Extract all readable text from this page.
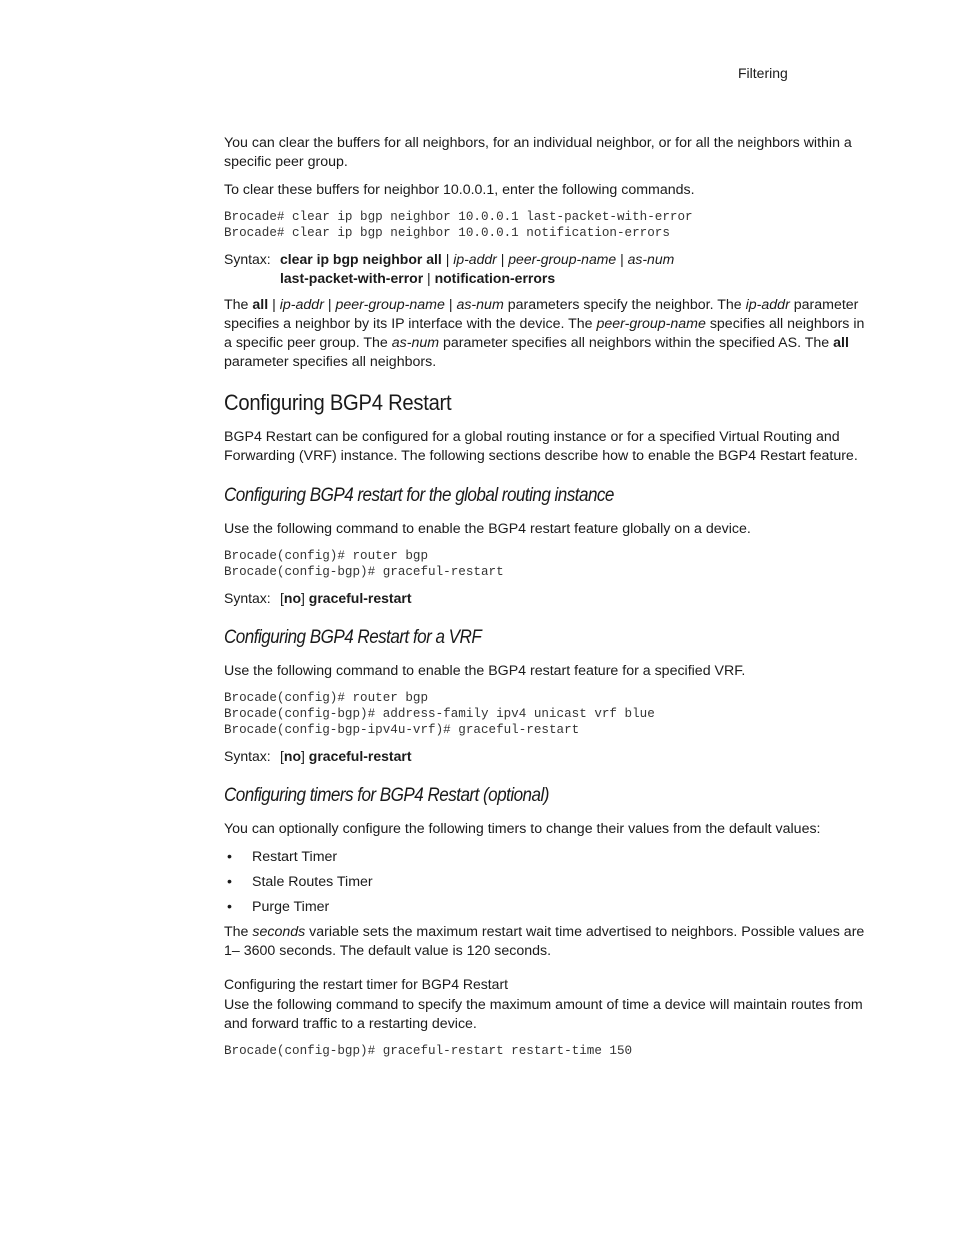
Filtering

You can clear the buffers for all neighbors, for an individual neighbor, or for all the neighbors within a specific peer group.

To clear these buffers for neighbor 10.0.0.1, enter the following commands.

Brocade# clear ip bgp neighbor 10.0.0.1 last-packet-with-error
Brocade# clear ip bgp neighbor 10.0.0.1 notification-errors
Syntax: clear ip bgp neighbor all | ip-addr | peer-group-name | as-num
last-packet-with-error | notification-errors

The all | ip-addr | peer-group-name | as-num parameters specify the neighbor. The ip-addr parameter specifies a neighbor by its IP interface with the device. The peer-group-name specifies all neighbors in a specific peer group. The as-num parameter specifies all neighbors within the specified AS. The all parameter specifies all neighbors.

Configuring BGP4 Restart

BGP4 Restart can be configured for a global routing instance or for a specified Virtual Routing and Forwarding (VRF) instance. The following sections describe how to enable the BGP4 Restart feature.

Configuring BGP4 restart for the global routing instance

Use the following command to enable the BGP4 restart feature globally on a device.

Brocade(config)# router bgp
Brocade(config-bgp)# graceful-restart
Syntax: [no] graceful-restart
Configuring BGP4 Restart for a VRF

Use the following command to enable the BGP4 restart feature for a specified VRF.

Brocade(config)# router bgp
Brocade(config-bgp)# address-family ipv4 unicast vrf blue
Brocade(config-bgp-ipv4u-vrf)# graceful-restart
Syntax: [no] graceful-restart
Configuring timers for BGP4 Restart (optional)

You can optionally configure the following timers to change their values from the default values:

• Restart Timer
• Stale Routes Timer
• Purge Timer

The seconds variable sets the maximum restart wait time advertised to neighbors. Possible values are 1– 3600 seconds. The default value is 120 seconds.

Configuring the restart timer for BGP4 Restart

Use the following command to specify the maximum amount of time a device will maintain routes from and forward traffic to a restarting device.

Brocade(config-bgp)# graceful-restart restart-time 150
